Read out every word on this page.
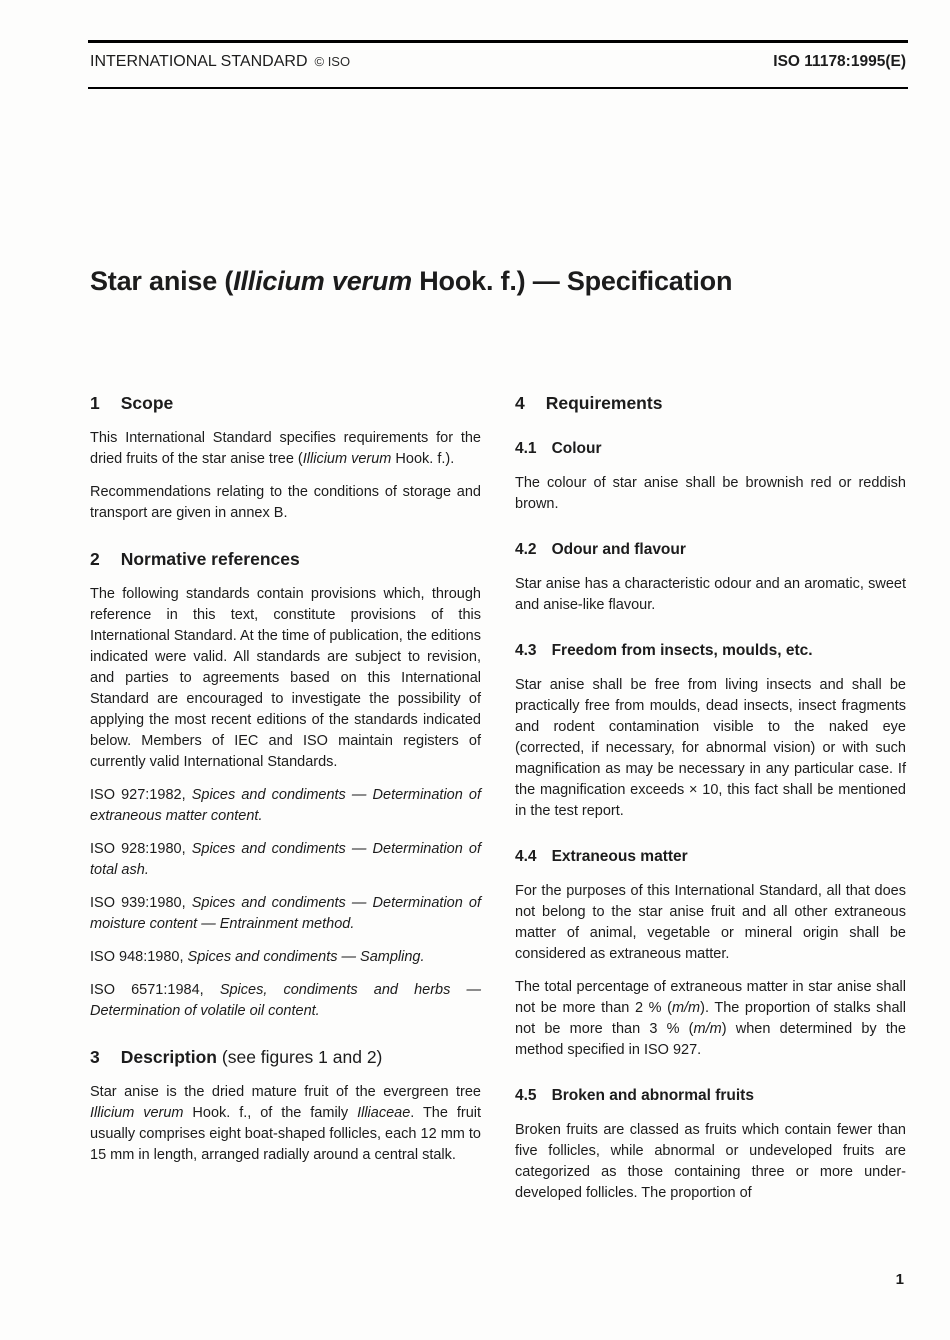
INTERNATIONAL STANDARD © ISO	ISO 11178:1995(E)
Star anise (Illicium verum Hook. f.) — Specification
1 Scope
This International Standard specifies requirements for the dried fruits of the star anise tree (Illicium verum Hook. f.).
Recommendations relating to the conditions of storage and transport are given in annex B.
2 Normative references
The following standards contain provisions which, through reference in this text, constitute provisions of this International Standard. At the time of publication, the editions indicated were valid. All standards are subject to revision, and parties to agreements based on this International Standard are encouraged to investigate the possibility of applying the most recent editions of the standards indicated below. Members of IEC and ISO maintain registers of currently valid International Standards.
ISO 927:1982, Spices and condiments — Determination of extraneous matter content.
ISO 928:1980, Spices and condiments — Determination of total ash.
ISO 939:1980, Spices and condiments — Determination of moisture content — Entrainment method.
ISO 948:1980, Spices and condiments — Sampling.
ISO 6571:1984, Spices, condiments and herbs — Determination of volatile oil content.
3 Description (see figures 1 and 2)
Star anise is the dried mature fruit of the evergreen tree Illicium verum Hook. f., of the family Illiaceae. The fruit usually comprises eight boat-shaped follicles, each 12 mm to 15 mm in length, arranged radially around a central stalk.
4 Requirements
4.1 Colour
The colour of star anise shall be brownish red or reddish brown.
4.2 Odour and flavour
Star anise has a characteristic odour and an aromatic, sweet and anise-like flavour.
4.3 Freedom from insects, moulds, etc.
Star anise shall be free from living insects and shall be practically free from moulds, dead insects, insect fragments and rodent contamination visible to the naked eye (corrected, if necessary, for abnormal vision) or with such magnification as may be necessary in any particular case. If the magnification exceeds × 10, this fact shall be mentioned in the test report.
4.4 Extraneous matter
For the purposes of this International Standard, all that does not belong to the star anise fruit and all other extraneous matter of animal, vegetable or mineral origin shall be considered as extraneous matter.
The total percentage of extraneous matter in star anise shall not be more than 2 % (m/m). The proportion of stalks shall not be more than 3 % (m/m) when determined by the method specified in ISO 927.
4.5 Broken and abnormal fruits
Broken fruits are classed as fruits which contain fewer than five follicles, while abnormal or undeveloped fruits are categorized as those containing three or more under-developed follicles. The proportion of
1
